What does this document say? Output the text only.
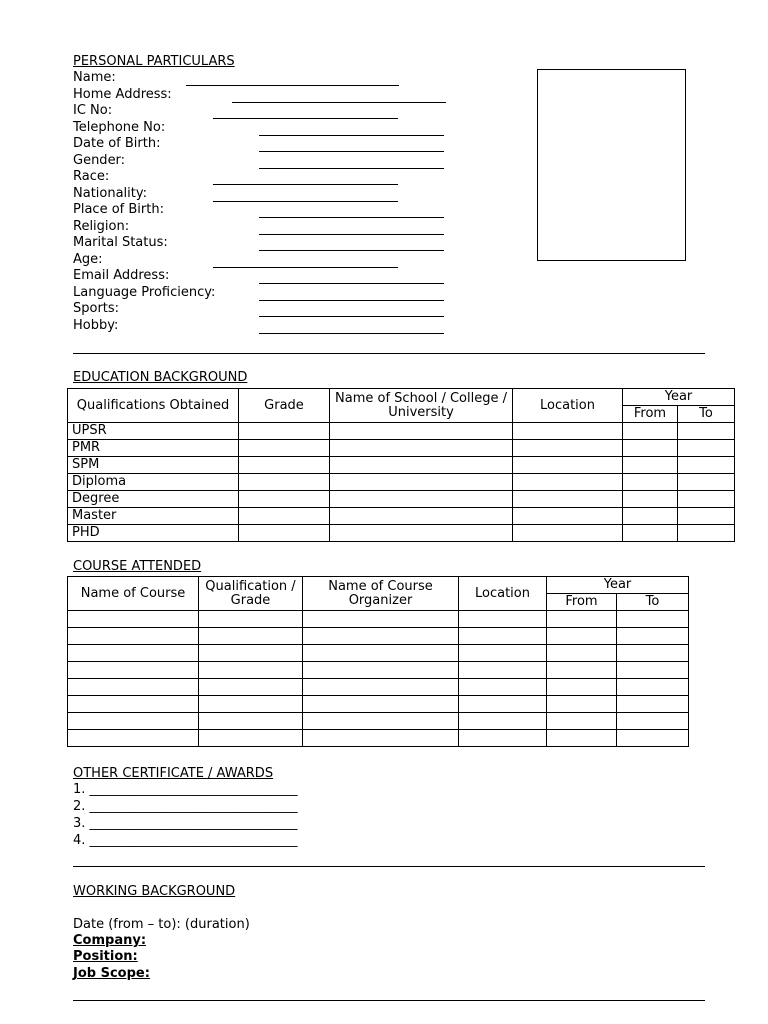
PERSONAL PARTICULARS
Name:
Home Address:
IC No:
Telephone No:
Date of Birth:
Gender:
Race:
Nationality:
Place of Birth:
Religion:
Marital Status:
Age:
Email Address:
Language Proficiency:
Sports:
Hobby:
EDUCATION BACKGROUND
Qualifications Obtained	Grade	Name of School / College / University	Location	Year	
				From	To
UPSR					
PMR					
SPM					
Diploma					
Degree					
Master					
PHD					
COURSE ATTENDED
Name of Course	Qualification / Grade	Name of Course Organizer	Location	Year	
				From	To

OTHER CERTIFICATE / AWARDS
1. ________________________________
2. ________________________________
3. ________________________________
4. ________________________________
WORKING BACKGROUND
Date (from – to): (duration)
Company:
Position:
Job Scope:
